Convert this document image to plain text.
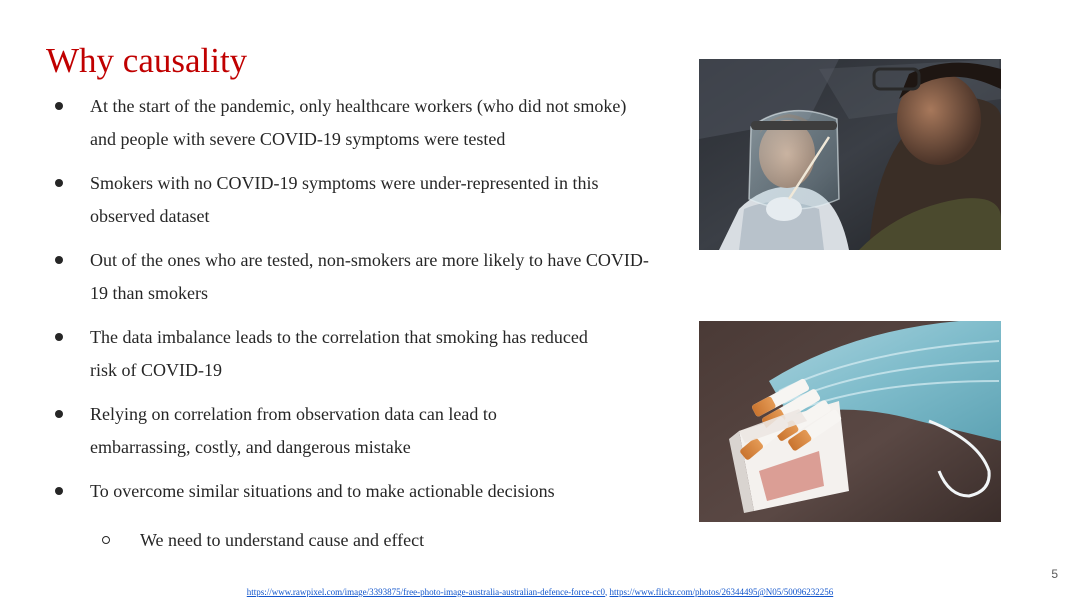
Why causality
At the start of the pandemic, only healthcare workers (who did not smoke) and people with severe COVID-19 symptoms were tested
Smokers with no COVID-19 symptoms were under-represented in this observed dataset
Out of the ones who are tested, non-smokers are more likely to have COVID-19 than smokers
The data imbalance leads to the correlation that smoking has reduced risk of COVID-19
Relying on correlation from observation data can lead to embarrassing, costly, and dangerous mistake
To overcome similar situations and to make actionable decisions
We need to understand cause and effect
5
https://www.rawpixel.com/image/3393875/free-photo-image-australia-australian-defence-force-cc0, https://www.flickr.com/photos/26344495@N05/50096232256
